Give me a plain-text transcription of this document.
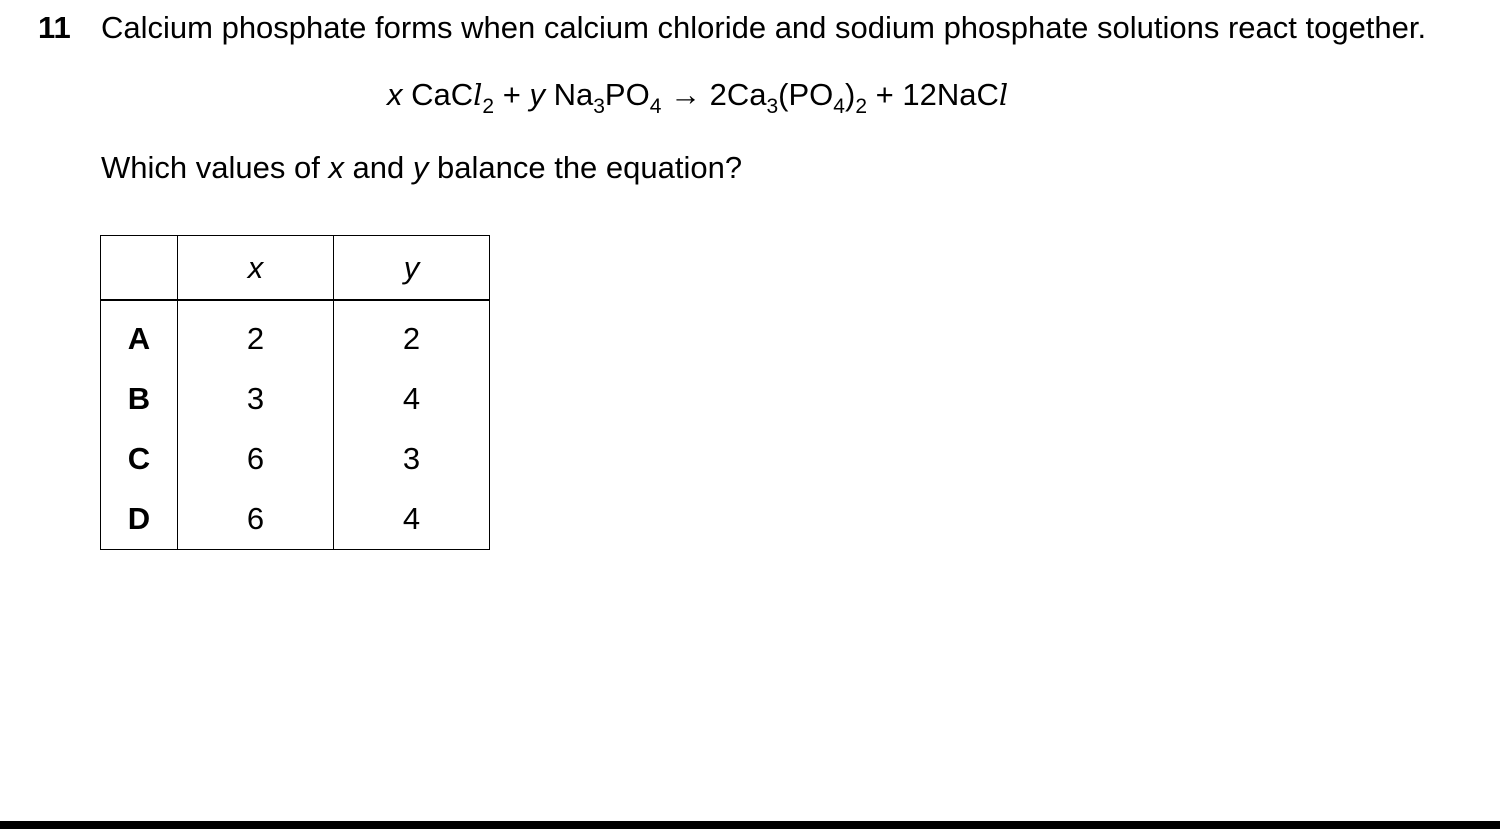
11 Calcium phosphate forms when calcium chloride and sodium phosphate solutions react together.
x CaCl$_2$ + y $Na_3PO_4 \to 2Ca_3(PO_4)_2$ + 12NaCl
Which values of x and y balance the equation?
	x	y
A	2	2
B	3	4
C	6	3
D	6	4
